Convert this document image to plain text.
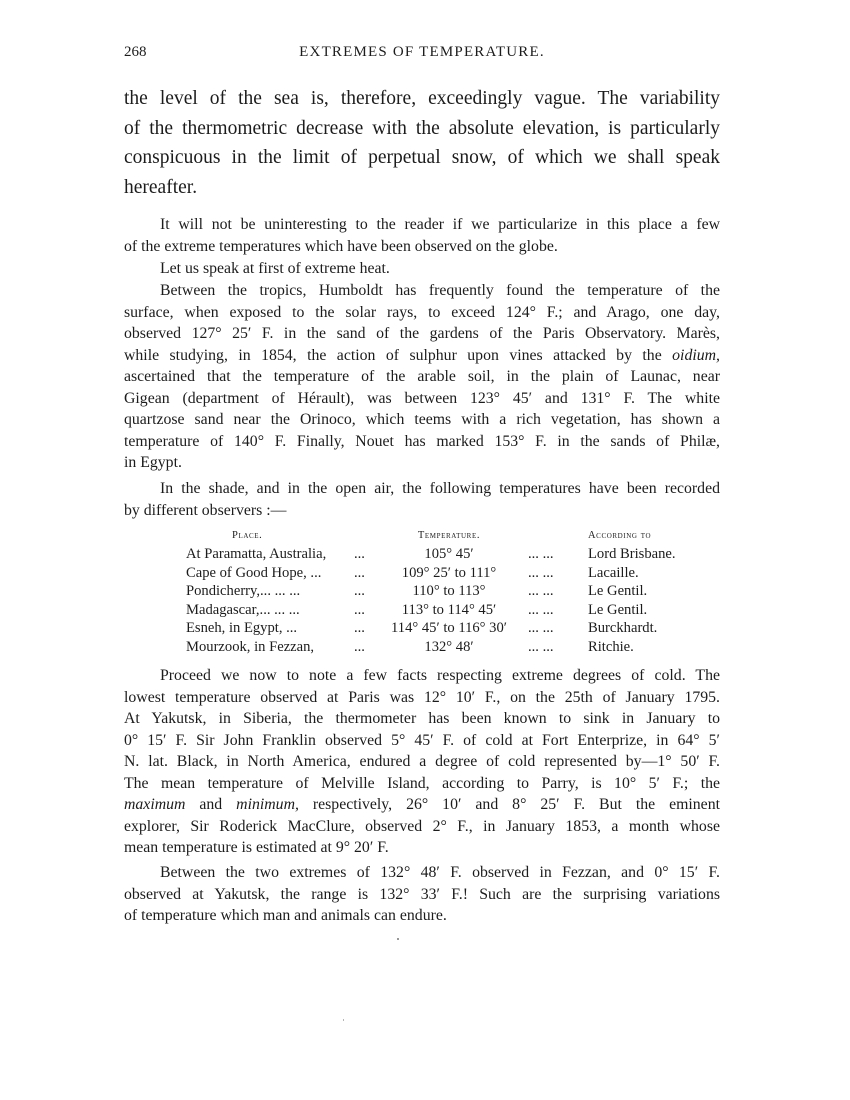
268	EXTREMES OF TEMPERATURE.

the level of the sea is, therefore, exceedingly vague. The variability
of the thermometric decrease with the absolute elevation, is particularly
conspicuous in the limit of perpetual snow, of which we shall speak
hereafter.

It will not be uninteresting to the reader if we particularize in this place a few
of the extreme temperatures which have been observed on the globe.

Let us speak at first of extreme heat.

Between the tropics, Humboldt has frequently found the temperature of the
surface, when exposed to the solar rays, to exceed 124° F.; and Arago, one day,
observed 127° 25′ F. in the sand of the gardens of the Paris Observatory. Marès,
while studying, in 1854, the action of sulphur upon vines attacked by the oidium,
ascertained that the temperature of the arable soil, in the plain of Launac, near
Gigean (department of Hérault), was between 123° 45′ and 131° F. The white
quartzose sand near the Orinoco, which teems with a rich vegetation, has shown a
temperature of 140° F. Finally, Nouet has marked 153° F. in the sands of Philæ,
in Egypt.

In the shade, and in the open air, the following temperatures have been recorded
by different observers :—

Place.	Temperature.	According to
At Paramatta, Australia, ...	105° 45′	... ... Lord Brisbane.
Cape of Good Hope, ... ...	109° 25′ to 111°	... ... Lacaille.
Pondicherry,... ... ...	...	110° to 113°	... ... Le Gentil.
Madagascar,... ... ...	...	113° to 114° 45′	... ... Le Gentil.
Esneh, in Egypt, ...	...	114° 45′ to 116° 30′	... ... Burckhardt.
Mourzook, in Fezzan,	...	132° 48′	... ... Ritchie.

Proceed we now to note a few facts respecting extreme degrees of cold. The
lowest temperature observed at Paris was 12° 10′ F., on the 25th of January 1795.
At Yakutsk, in Siberia, the thermometer has been known to sink in January to
0° 15′ F. Sir John Franklin observed 5° 45′ F. of cold at Fort Enterprize, in 64° 5′
N. lat. Black, in North America, endured a degree of cold represented by—1° 50′ F.
The mean temperature of Melville Island, according to Parry, is 10° 5′ F.; the
maximum and minimum, respectively, 26° 10′ and 8° 25′ F. But the eminent
explorer, Sir Roderick MacClure, observed 2° F., in January 1853, a month whose
mean temperature is estimated at 9° 20′ F.

Between the two extremes of 132° 48′ F. observed in Fezzan, and 0° 15′ F.
observed at Yakutsk, the range is 132° 33′ F.! Such are the surprising variations
of temperature which man and animals can endure.
